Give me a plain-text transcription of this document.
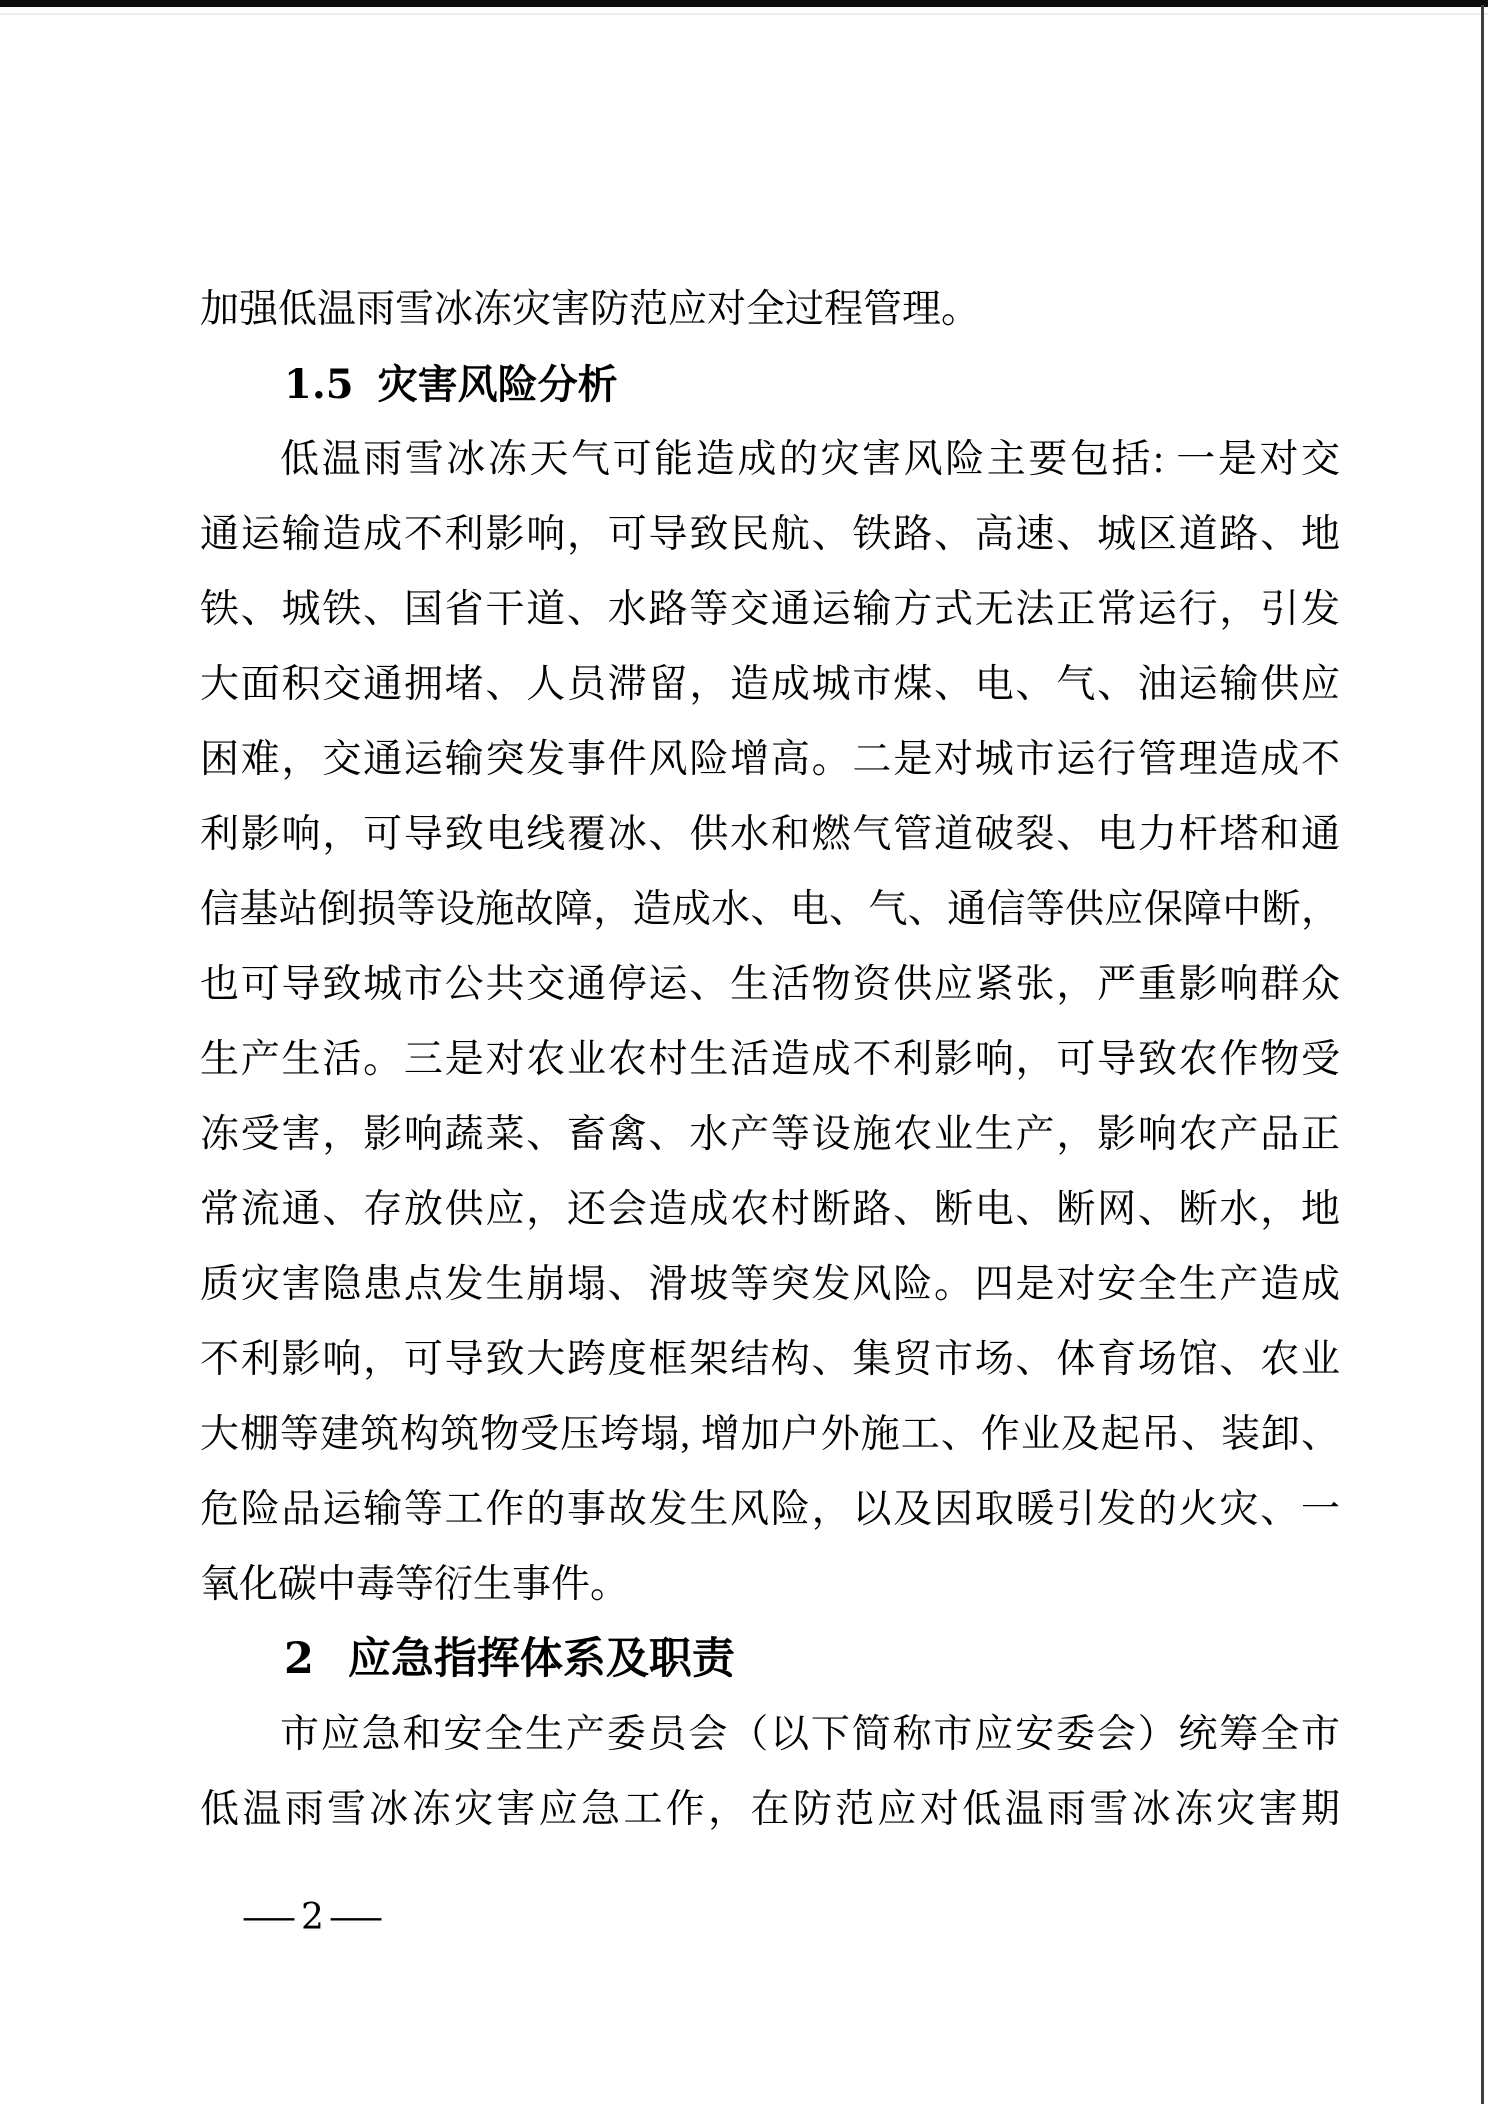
加强低温雨雪冰冻灾害防范应对全过程管理。
1.5 灾害风险分析
低温雨雪冰冻天气可能造成的灾害风险主要包括: 一是对交
通运输造成不利影响，可导致民航、铁路、高速、城区道路、地
铁、城铁、国省干道、水路等交通运输方式无法正常运行，引发
大面积交通拥堵、人员滞留，造成城市煤、电、气、油运输供应
困难，交通运输突发事件风险增高。二是对城市运行管理造成不
利影响，可导致电线覆冰、供水和燃气管道破裂、电力杆塔和通
信基站倒损等设施故障，造成水、电、气、通信等供应保障中断，
也可导致城市公共交通停运、生活物资供应紧张，严重影响群众
生产生活。三是对农业农村生活造成不利影响，可导致农作物受
冻受害，影响蔬菜、畜禽、水产等设施农业生产，影响农产品正
常流通、存放供应，还会造成农村断路、断电、断网、断水，地
质灾害隐患点发生崩塌、滑坡等突发风险。四是对安全生产造成
不利影响，可导致大跨度框架结构、集贸市场、体育场馆、农业
大棚等建筑构筑物受压垮塌, 增加户外施工、作业及起吊、装卸、
危险品运输等工作的事故发生风险，以及因取暖引发的火灾、一
氧化碳中毒等衍生事件。
2 应急指挥体系及职责
市应急和安全生产委员会（以下简称市应安委会）统筹全市
低温雨雪冰冻灾害应急工作，在防范应对低温雨雪冰冻灾害期
— 2 —
